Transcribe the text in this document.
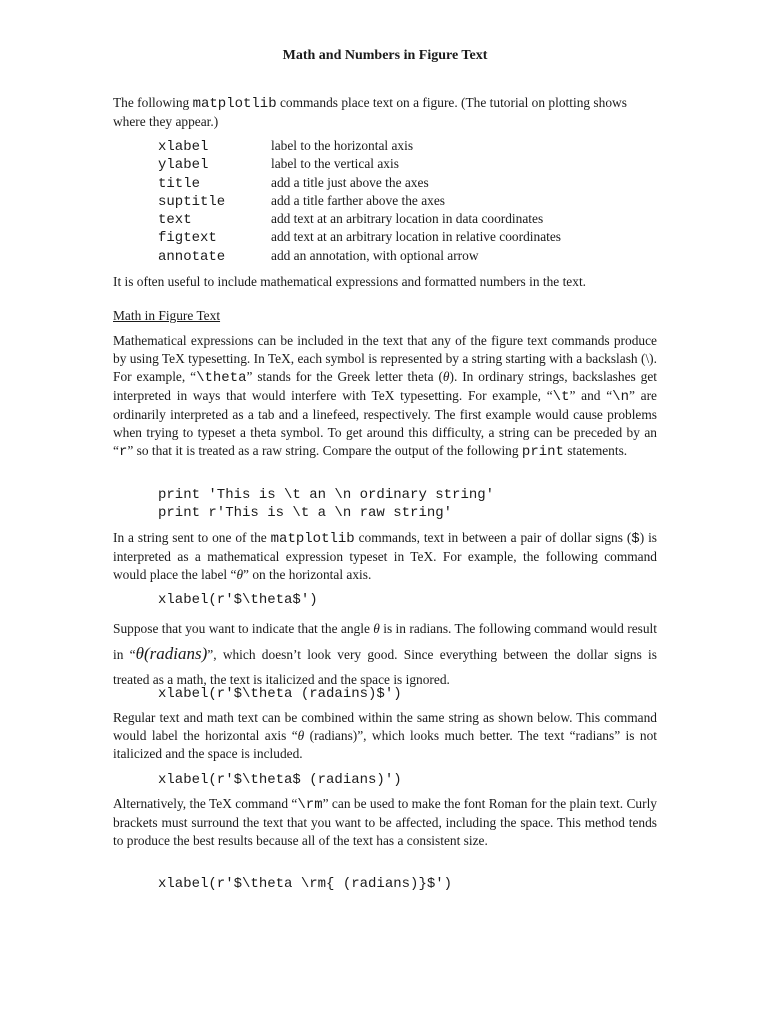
Math and Numbers in Figure Text
The following matplotlib commands place text on a figure. (The tutorial on plotting shows where they appear.)
xlabel	label to the horizontal axis
ylabel	label to the vertical axis
title	add a title just above the axes
suptitle	add a title farther above the axes
text	add text at an arbitrary location in data coordinates
figtext	add text at an arbitrary location in relative coordinates
annotate	add an annotation, with optional arrow
It is often useful to include mathematical expressions and formatted numbers in the text.
Math in Figure Text
Mathematical expressions can be included in the text that any of the figure text commands produce by using TeX typesetting. In TeX, each symbol is represented by a string starting with a backslash (\). For example, “\theta” stands for the Greek letter theta (θ). In ordinary strings, backslashes get interpreted in ways that would interfere with TeX typesetting. For example, “\t” and “\n” are ordinarily interpreted as a tab and a linefeed, respectively. The first example would cause problems when trying to typeset a theta symbol. To get around this difficulty, a string can be preceded by an “r” so that it is treated as a raw string. Compare the output of the following print statements.
print 'This is \t an \n ordinary string'
print r'This is \t a \n raw string'
In a string sent to one of the matplotlib commands, text in between a pair of dollar signs ($) is interpreted as a mathematical expression typeset in TeX. For example, the following command would place the label “θ” on the horizontal axis.
xlabel(r'$\theta$')
Suppose that you want to indicate that the angle θ is in radians. The following command would result in “θ(radians)”, which doesn’t look very good. Since everything between the dollar signs is treated as a math, the text is italicized and the space is ignored.
xlabel(r'$\theta (radains)$')
Regular text and math text can be combined within the same string as shown below. This command would label the horizontal axis “θ (radians)”, which looks much better. The text “radians” is not italicized and the space is included.
xlabel(r'$\theta$ (radians)')
Alternatively, the TeX command “\rm” can be used to make the font Roman for the plain text. Curly brackets must surround the text that you want to be affected, including the space. This method tends to produce the best results because all of the text has a consistent size.
xlabel(r'$\theta \rm{ (radians)}$')
